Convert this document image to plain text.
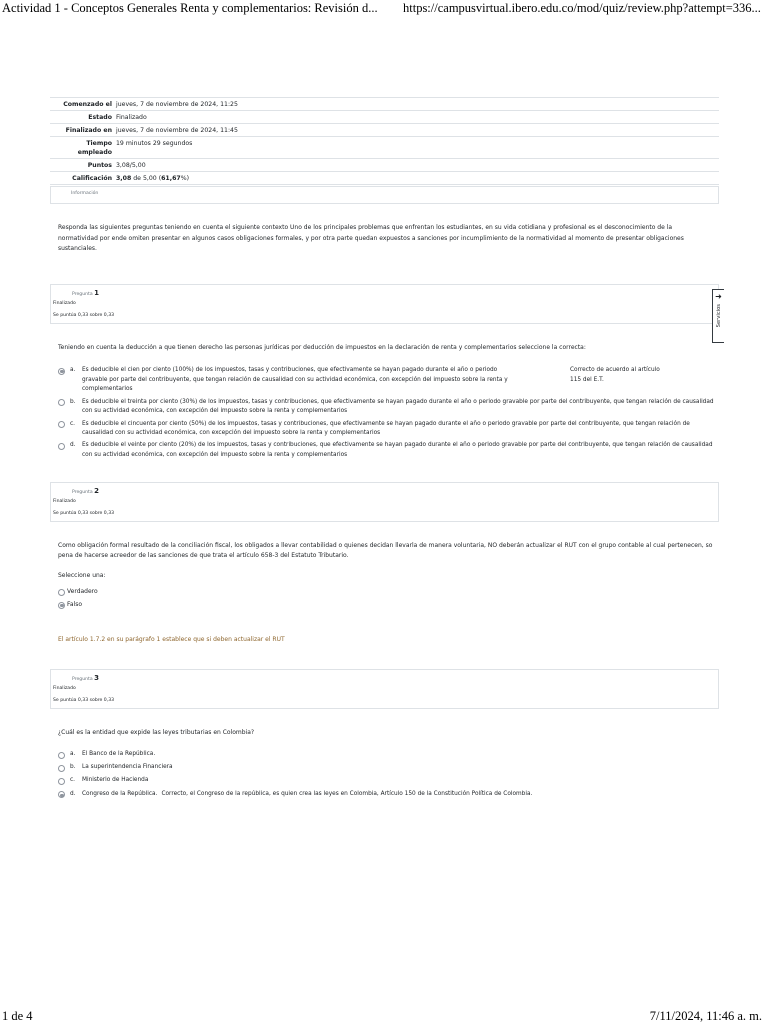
Actividad 1 - Conceptos Generales Renta y complementarios: Revisión d... https://campusvirtual.ibero.edu.co/mod/quiz/review.php?attempt=336...
Comenzado el jueves, 7 de noviembre de 2024, 11:25
Estado Finalizado
Finalizado en jueves, 7 de noviembre de 2024, 11:45
Tiempo empleado
19 minutos 29 segundos
Puntos 3,08/5,00
Calificación 3,08 de 5,00 (61,67%)
Información
Responda las siguientes preguntas teniendo en cuenta el siguiente contexto Uno de los principales problemas que enfrentan los estudiantes, en su vida cotidiana y profesional es el desconocimiento de la normatividad por ende omiten presentar en algunos casos obligaciones formales, y por otra parte quedan expuestos a sanciones por incumplimiento de la normatividad al momento de presentar obligaciones sustanciales.
Pregunta 1
Finalizado
Se puntúa 0,33 sobre 0,33
➜
Servicios
Teniendo en cuenta la deducción a que tienen derecho las personas jurídicas por deducción de impuestos en la declaración de renta y complementarios seleccione la correcta:
a.	Es deducible el cien por ciento (100%) de los impuestos, tasas y contribuciones, que efectivamente se hayan pagado durante el año o periodo gravable por parte del contribuyente, que tengan relación de causalidad con su actividad económica, con excepción del impuesto sobre la renta y complementarios
Correcto de acuerdo al artículo 115 del E.T.
b.	Es deducible el treinta por ciento (30%) de los impuestos, tasas y contribuciones, que efectivamente se hayan pagado durante el año o periodo gravable por parte del contribuyente, que tengan relación de causalidad con su actividad económica, con excepción del impuesto sobre la renta y complementarios
c.	Es deducible el cincuenta por ciento (50%) de los impuestos, tasas y contribuciones, que efectivamente se hayan pagado durante el año o periodo gravable por parte del contribuyente, que tengan relación de causalidad con su actividad económica, con excepción del impuesto sobre la renta y complementarios
d.	Es deducible el veinte por ciento (20%) de los impuestos, tasas y contribuciones, que efectivamente se hayan pagado durante el año o periodo gravable por parte del contribuyente, que tengan relación de causalidad con su actividad económica, con excepción del impuesto sobre la renta y complementarios
Pregunta 2
Finalizado
Se puntúa 0,33 sobre 0,33
Como obligación formal resultado de la conciliación fiscal, los obligados a llevar contabilidad o quienes decidan llevarla de manera voluntaria, NO deberán actualizar el RUT con el grupo contable al cual pertenecen, so pena de hacerse acreedor de las sanciones de que trata el artículo 658-3 del Estatuto Tributario.
Seleccione una:
Verdadero
Falso
El artículo 1.7.2 en su parágrafo 1 establece que si deben actualizar el RUT
Pregunta 3
Finalizado
Se puntúa 0,33 sobre 0,33
¿Cuál es la entidad que expide las leyes tributarias en Colombia?
a.	El Banco de la República.
b.	La superintendencia Financiera
c.	Ministerio de Hacienda
d.	Congreso de la República. Correcto, el Congreso de la república, es quien crea las leyes en Colombia, Artículo 150 de la Constitución Política de Colombia.
1 de 4	7/11/2024, 11:46 a. m.
